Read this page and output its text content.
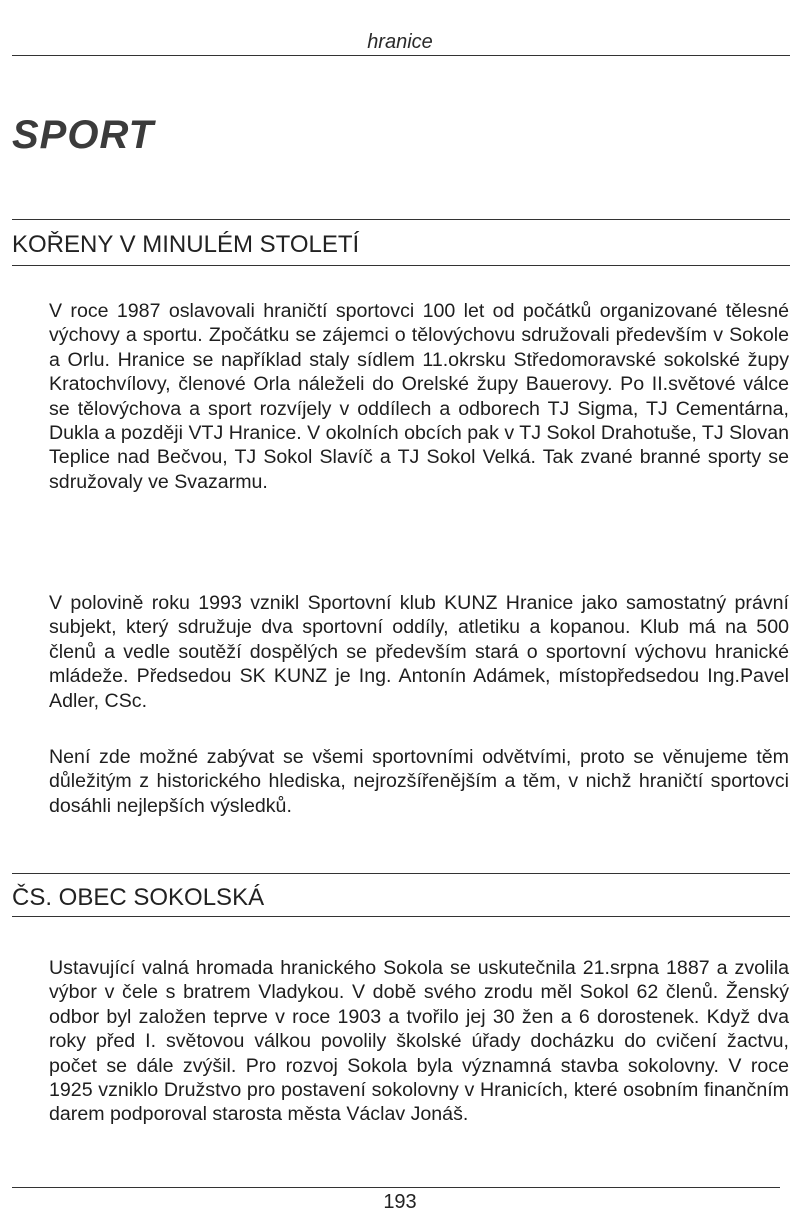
hranice
SPORT
KOŘENY V MINULÉM STOLETÍ

V roce 1987 oslavovali hraničtí sportovci 100 let od počátků organizované tělesné výchovy a sportu. Zpočátku se zájemci o tělovýchovu sdružovali především v Sokole a Orlu. Hranice se například staly sídlem 11.okrsku Středomoravské sokolské župy Kratochvílovy, členové Orla náleželi do Orelské župy Bauerovy. Po II.světové válce se tělovýchova a sport rozvíjely v oddílech a odborech TJ Sigma, TJ Cementárna, Dukla a později VTJ Hranice. V okolních obcích pak v TJ Sokol Drahotuše, TJ Slovan Teplice nad Bečvou, TJ Sokol Slavíč a TJ Sokol Velká. Tak zvané branné sporty se sdružovaly ve Svazarmu.

V polovině roku 1993 vznikl Sportovní klub KUNZ Hranice jako samostatný právní subjekt, který sdružuje dva sportovní oddíly, atletiku a kopanou. Klub má na 500 členů a vedle soutěží dospělých se především stará o sportovní výchovu hranické mládeže. Předsedou SK KUNZ je Ing. Antonín Adámek, místopředsedou Ing.Pavel Adler, CSc.

Není zde možné zabývat se všemi sportovními odvětvími, proto se věnujeme těm důležitým z historického hlediska, nejrozšířenějším a těm, v nichž hraničtí sportovci dosáhli nejlepších výsledků.

ČS. OBEC SOKOLSKÁ

Ustavující valná hromada hranického Sokola se uskutečnila 21.srpna 1887 a zvolila výbor v čele s bratrem Vladykou. V době svého zrodu měl Sokol 62 členů. Ženský odbor byl založen teprve v roce 1903 a tvořilo jej 30 žen a 6 dorostenek. Když dva roky před I. světovou válkou povolily školské úřady docházku do cvičení žactvu, počet se dále zvýšil. Pro rozvoj Sokola byla významná stavba sokolovny. V roce 1925 vzniklo Družstvo pro postavení sokolovny v Hranicích, které osobním finančním darem podporoval starosta města Václav Jonáš.

193
